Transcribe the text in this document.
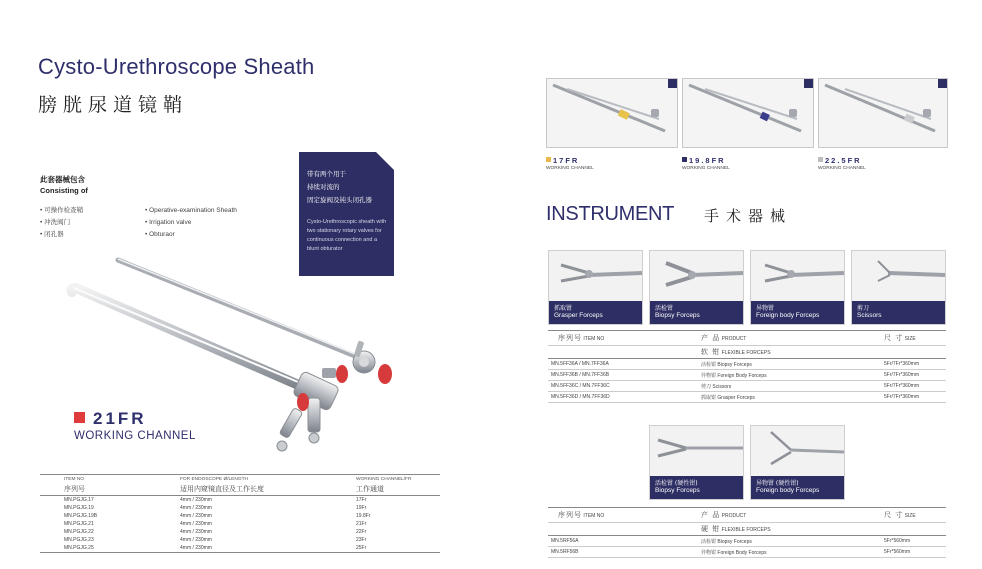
Cysto-Urethroscope Sheath
膀胱尿道镜鞘
此套器械包含
Consisting of
• 可操作检查鞘
• 冲洗阀门
• 闭孔器
• Operative-examination Sheath
• Irrigation valve
• Obturaor
带有两个用于
持续对流的
固定旋阀及钝头闭孔器
Cysto-Urethroscopic sheath with two stationary rotary valves for continuous connection and a blunt obturator
21FR
WORKING CHANNEL
ITEM NO	FOR ENDOSCOPE Ø/LENGTH	WORKING CHANNEL/FR
序列号	适用内窥镜直径及工作长度	工作通道
MN.PGJG.17	4mm / 230mm	17Fr
MN.PGJG.19	4mm / 230mm	19Fr
MN.PGJG.19B	4mm / 230mm	19.8Fr
MN.PGJG.21	4mm / 230mm	21Fr
MN.PGJG.22	4mm / 230mm	22Fr
MN.PGJG.23	4mm / 230mm	23Fr
MN.PGJG.25	4mm / 230mm	25Fr
17FR
WORKING CHANNEL
19.8FR
WORKING CHANNEL
22.5FR
WORKING CHANNEL
INSTRUMENT 手术器械
抓取钳
Grasper Forceps
活检钳
Biopsy Forceps
异物钳
Foreign body Forceps
剪刀
Scissors
序列号 ITEM NO	产 品 PRODUCT	尺 寸 SIZE
	软 钳 FLEXIBLE FORCEPS	
MN.5FF36A / MN.7FF36A	活检钳 Biopsy Forceps	5Fr/7Fr*360mm
MN.5FF36B / MN.7FF36B	异物钳 Foreign Body Forceps	5Fr/7Fr*360mm
MN.5FF36C / MN.7FF36C	剪刀 Scissors	5Fr/7Fr*360mm
MN.5FF36D / MN.7FF36D	抓取钳 Grasper Forceps	5Fr/7Fr*360mm
活检钳 (硬性钳)
Biopsy Forceps
异物钳 (硬性钳)
Foreign body Forceps
序列号 ITEM NO	产 品 PRODUCT	尺 寸 SIZE
	硬 钳 FLEXIBLE FORCEPS	
MN.5RF56A	活检钳 Biopsy Forceps	5Fr*560mm
MN.5RF56B	异物钳 Foreign Body Forceps	5Fr*560mm
